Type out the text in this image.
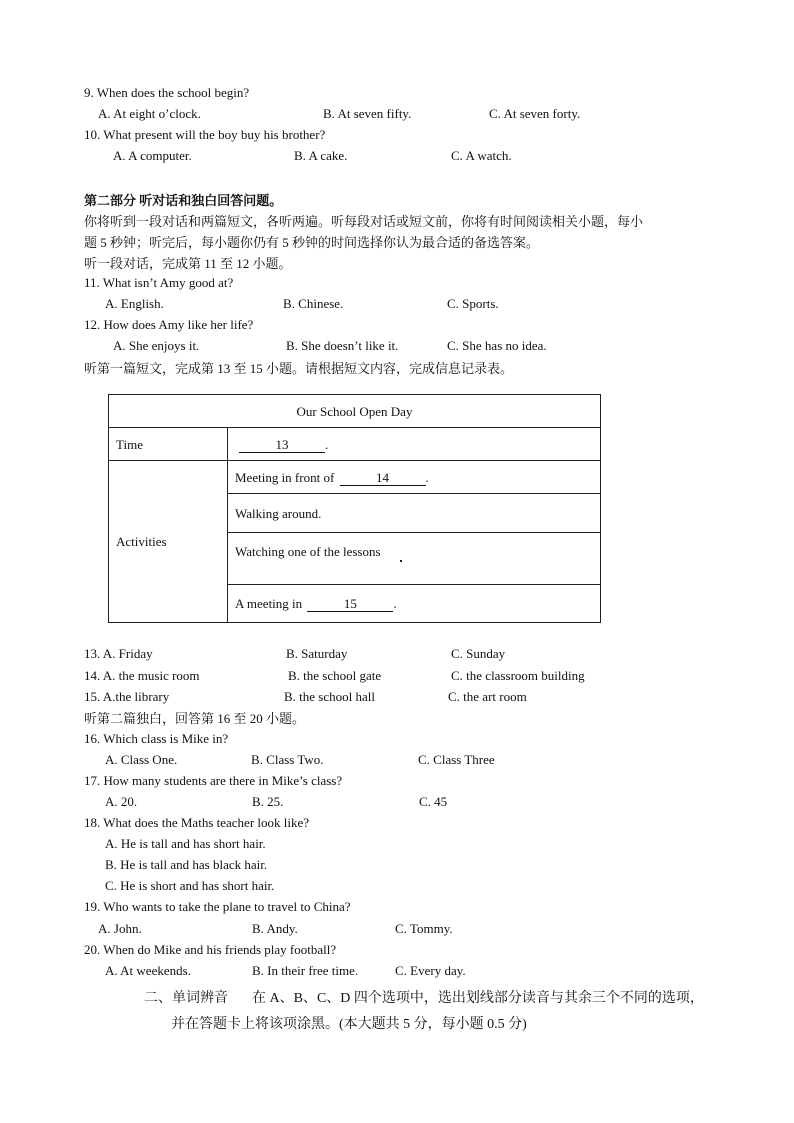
9. When does the school begin?
A. At eight o’clock.	B. At seven fifty.	C. At seven forty.
10. What present will the boy buy his brother?
A. A computer.	B. A cake.	C. A watch.
第二部分 听对话和独白回答问题。
你将听到一段对话和两篇短文，各听两遍。听每段对话或短文前，你将有时间阅读相关小题，每小
题 5 秒钟；听完后，每小题你仍有 5 秒钟的时间选择你认为最合适的备选答案。
听一段对话，完成第 11 至 12 小题。
11. What isn’t Amy good at?
A. English.	B. Chinese.	C. Sports.
12. How does Amy like her life?
A. She enjoys it.	B. She doesn’t like it.	C. She has no idea.
听第一篇短文，完成第 13 至 15 小题。请根据短文内容，完成信息记录表。
Our School Open Day	
Time	13 .
Activities	Meeting in front of 14 .
	Walking around.
	Watching one of the lessons
	A meeting in 15 .
13. A. Friday	B. Saturday	C. Sunday
14. A. the music room	B. the school gate	C. the classroom building
15. A.the library	B. the school hall	C. the art room
听第二篇独白，回答第 16 至 20 小题。
16. Which class is Mike in?
A. Class One.	B. Class Two.	C. Class Three
17. How many students are there in Mike’s class?
A. 20.	B. 25.	C. 45
18. What does the Maths teacher look like?
A. He is tall and has short hair.
B. He is tall and has black hair.
C. He is short and has short hair.
19. Who wants to take the plane to travel to China?
A. John.	B. Andy.	C. Tommy.
20. When do Mike and his friends play football?
A. At weekends.	B. In their free time.	C. Every day.
二、单词辨音 在 A、B、C、D 四个选项中，选出划线部分读音与其余三个不同的选项，
并在答题卡上将该项涂黑。(本大题共 5 分，每小题 0.5 分)
